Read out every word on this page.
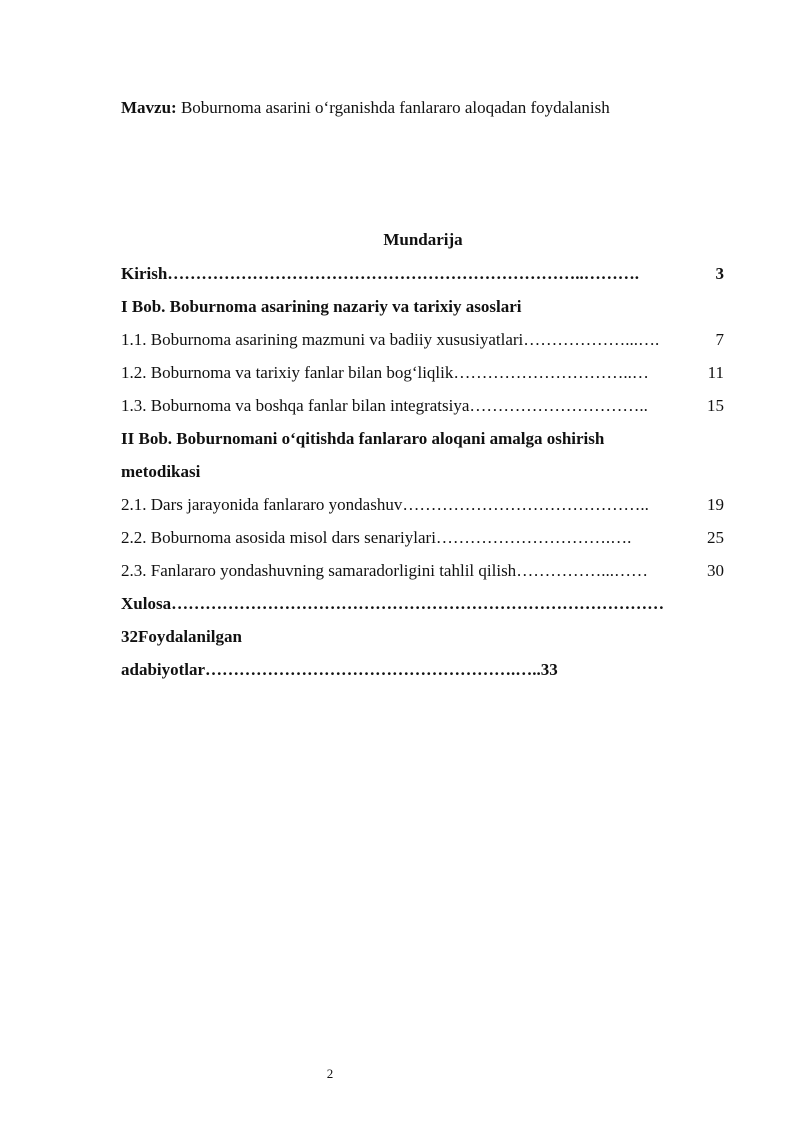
Mavzu: Boburnoma asarini o‘rganishda fanlararo aloqadan foydalanish
Mundarija
Kirish ………………………………………………………………..……….	3
I Bob. Boburnoma asarining nazariy va tarixiy asoslari
1.1. Boburnoma asarining mazmuni va badiiy xususiyatlari ………………...….	7
1.2. Boburnoma va tarixiy fanlar bilan bog‘liqlik …………………………..…	11
1.3. Boburnoma va boshqa fanlar bilan integratsiya …………………………..	15
II Bob. Boburnomani o‘qitishda fanlararo aloqani amalga oshirish
metodikasi
2.1. Dars jarayonida fanlararo yondashuv ……………………………………..	19
2.2. Boburnoma asosida misol dars senariylari ………………………….….	25
2.3. Fanlararo yondashuvning samaradorligini tahlil qilish ……………...……	30
Xulosa……………………………………………………………………………
32Foydalanilgan
adabiyotlar……………………………………………….…..33
2
